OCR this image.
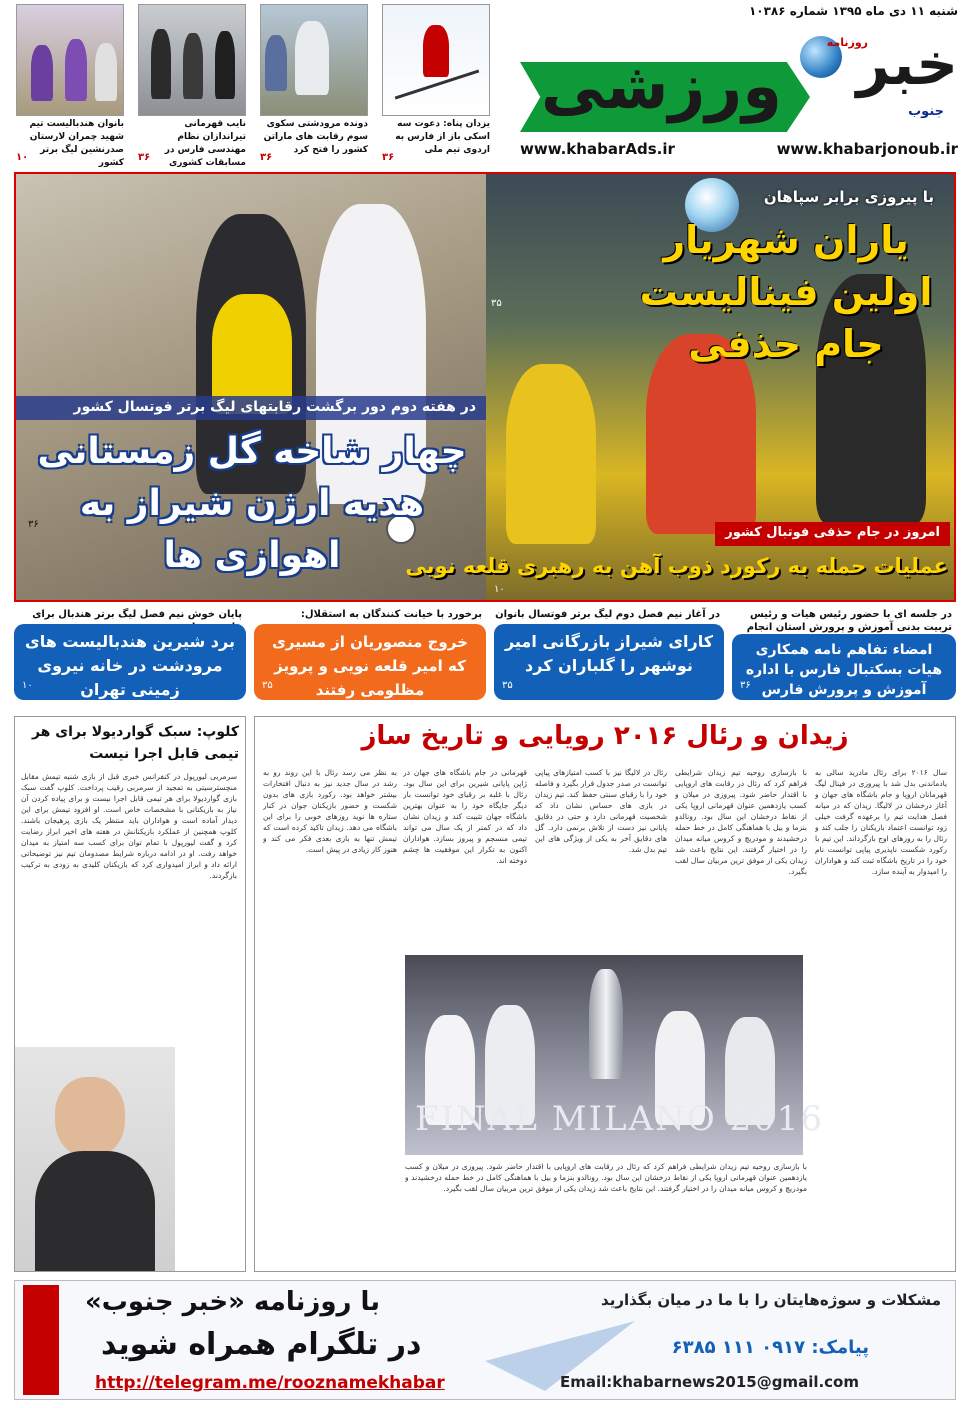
شنبه ۱۱ دی ماه ۱۳۹۵ شماره ۱۰۳۸۶
ورزشی خبر
روزنامه
جنوب
www.khabarAds.ir	www.khabarjonoub.ir
یزدان پناه: دعوت سه اسکی باز از فارس به اردوی تیم ملی
۳۶
دونده مرودشتی سکوی سوم رقابت های ماراتن کشور را فتح کرد
۳۶
نایب قهرمانی تیراندازان نظام مهندسی فارس در مسابقات کشوری
۳۶
بانوان هندبالیست تیم شهید چمران لارستان صدرنشین لیگ برتر کشور
۱۰
با پیروزی برابر سپاهان
یاران شهریار اولین فینالیست جام حذفی
۳۵
در هفته دوم دور برگشت رقابتهای لیگ برتر فوتسال کشور
چهار شاخه گل زمستانی هدیه ارژن شیراز به اهوازی ها
۳۶
امروز در جام حذفی فوتبال کشور
عملیات حمله به رکورد ذوب آهن به رهبری قلعه نویی
۱۰
در جلسه ای با حضور رئیس هیات و رئیس تربیت بدنی آموزش و پرورش استان انجام
امضاء تفاهم نامه همکاری هیات بسکتبال فارس با اداره آموزش و پرورش فارس
۳۶
در آغاز نیم فصل دوم لیگ برتر فوتسال بانوان
کارای شیراز بازرگانی امیر نوشهر را گلباران کرد
۳۵
برخورد با خیانت کنندگان به استقلال:
خروج منصوریان از مسیری که امیر قلعه نویی و پرویز مظلومی رفتند
۳۵
پایان خوش نیم فصل لیگ برتر هندبال برای
برد شیرین هندبالیست های مرودشت در خانه نیروی زمینی تهران
۱۰
زیدان و رئال ۲۰۱۶ رویایی و تاریخ ساز
سال ۲۰۱۶ برای رئال مادرید سالی به یادماندنی بدل شد با پیروزی در فینال لیگ قهرمانان اروپا و جام باشگاه های جهان و آغاز درخشان در لالیگا. زیدان که در میانه فصل هدایت تیم را برعهده گرفت خیلی زود توانست اعتماد بازیکنان را جلب کند و رئال را به روزهای اوج بازگرداند. این تیم با رکورد شکست ناپذیری پیاپی توانست نام خود را در تاریخ باشگاه ثبت کند و هواداران را امیدوار به آینده سازد.
با بازسازی روحیه تیم زیدان شرایطی فراهم کرد که رئال در رقابت های اروپایی با اقتدار حاضر شود. پیروزی در میلان و کسب یازدهمین عنوان قهرمانی اروپا یکی از نقاط درخشان این سال بود. رونالدو بنزما و بیل با هماهنگی کامل در خط حمله درخشیدند و مودریچ و کروس میانه میدان را در اختیار گرفتند. این نتایج باعث شد زیدان یکی از موفق ترین مربیان سال لقب بگیرد.
رئال در لالیگا نیز با کسب امتیازهای پیاپی توانست در صدر جدول قرار بگیرد و فاصله خود را با رقبای سنتی حفظ کند. تیم زیدان در بازی های حساس نشان داد که شخصیت قهرمانی دارد و حتی در دقایق پایانی نیز دست از تلاش برنمی دارد. گل های دقایق آخر به یکی از ویژگی های این تیم بدل شد.
قهرمانی در جام باشگاه های جهان در ژاپن پایانی شیرین برای این سال بود. رئال با غلبه بر رقبای خود توانست بار دیگر جایگاه خود را به عنوان بهترین باشگاه جهان تثبیت کند و زیدان نشان داد که در کمتر از یک سال می تواند تیمی منسجم و پیروز بسازد. هواداران اکنون به تکرار این موفقیت ها چشم دوخته اند.
به نظر می رسد رئال با این روند رو به رشد در سال جدید نیز به دنبال افتخارات بیشتر خواهد بود. رکورد بازی های بدون شکست و حضور بازیکنان جوان در کنار ستاره ها نوید روزهای خوبی را برای این باشگاه می دهد. زیدان تاکید کرده است که تیمش تنها به بازی بعدی فکر می کند و هنوز کار زیادی در پیش است.
با بازسازی روحیه تیم زیدان شرایطی فراهم کرد که رئال در رقابت های اروپایی با اقتدار حاضر شود. پیروزی در میلان و کسب یازدهمین عنوان قهرمانی اروپا یکی از نقاط درخشان این سال بود. رونالدو بنزما و بیل با هماهنگی کامل در خط حمله درخشیدند و مودریچ و کروس میانه میدان را در اختیار گرفتند. این نتایج باعث شد زیدان یکی از موفق ترین مربیان سال لقب بگیرد.
FINAL MILANO 2016
کلوپ: سبک گواردیولا برای هر تیمی قابل اجرا نیست
سرمربی لیورپول در کنفرانس خبری قبل از بازی شنبه تیمش مقابل منچسترسیتی به تمجید از سرمربی رقیب پرداخت. کلوپ گفت سبک بازی گواردیولا برای هر تیمی قابل اجرا نیست و برای پیاده کردن آن نیاز به بازیکنانی با مشخصات خاص است. او افزود تیمش برای این دیدار آماده است و هواداران باید منتظر یک بازی پرهیجان باشند. کلوپ همچنین از عملکرد بازیکنانش در هفته های اخیر ابراز رضایت کرد و گفت لیورپول با تمام توان برای کسب سه امتیاز به میدان خواهد رفت. او در ادامه درباره شرایط مصدومان تیم نیز توضیحاتی ارائه داد و ابراز امیدواری کرد که بازیکنان کلیدی به زودی به ترکیب بازگردند.
مشکلات و سوژه‌هایتان را با ما در میان بگذارید
پیامک: ۰۹۱۷ ۱۱۱ ۶۳۸۵
Email:khabarnews2015@gmail.com
با روزنامه «خبر جنوب»
در تلگرام همراه شوید
http://telegram.me/rooznamekhabar
